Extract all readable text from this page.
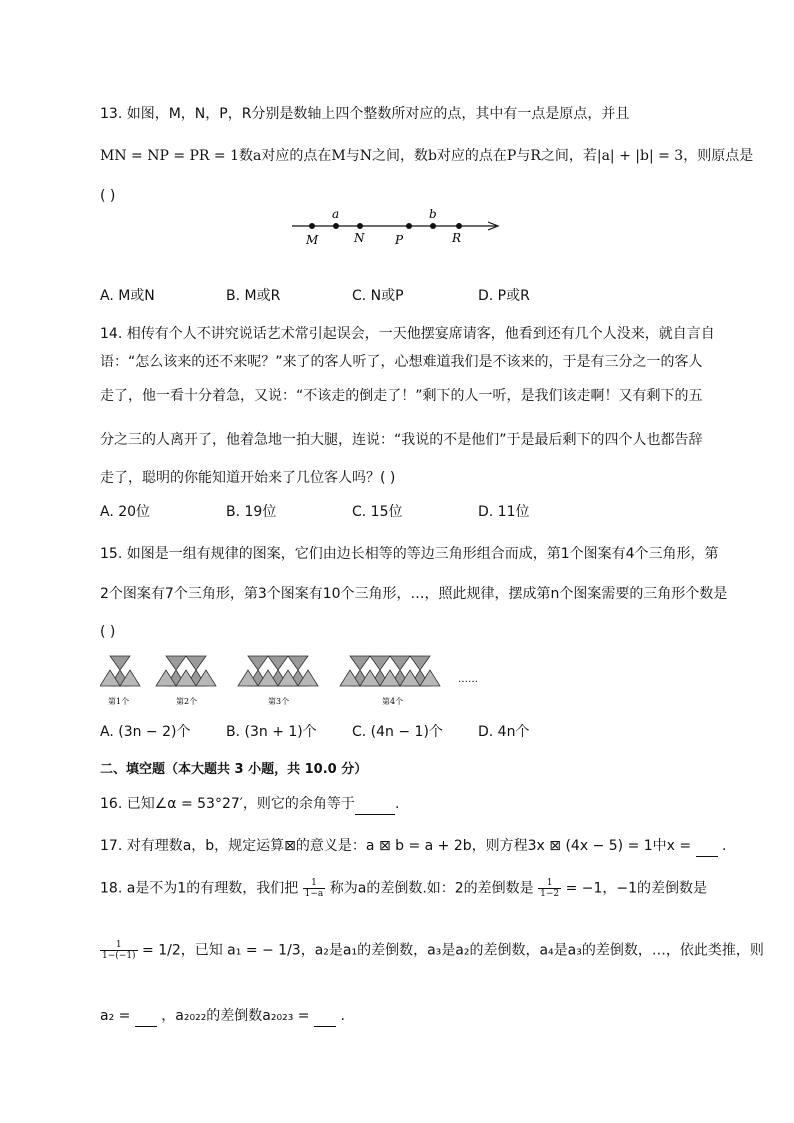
13. 如图，M，N，P，R分别是数轴上四个整数所对应的点，其中有一点是原点，并且
MN = NP = PR = 1数a对应的点在M与N之间，数b对应的点在P与R之间，若|a| + |b| = 3，则原点是
( )
M
a
N	P
b
R
A. M或N	B. M或R	C. N或P	D. P或R
14. 相传有个人不讲究说话艺术常引起误会，一天他摆宴席请客，他看到还有几个人没来，就自言自
语：“怎么该来的还不来呢？”来了的客人听了，心想难道我们是不该来的，于是有三分之一的客人
走了，他一看十分着急，又说：“不该走的倒走了！”剩下的人一听，是我们该走啊！又有剩下的五
分之三的人离开了，他着急地一拍大腿，连说：“我说的不是他们”于是最后剩下的四个人也都告辞
走了，聪明的你能知道开始来了几位客人吗？( )
A. 20位	B. 19位	C. 15位	D. 11位
15. 如图是一组有规律的图案，它们由边长相等的等边三角形组合而成，第1个图案有4个三角形，第
2个图案有7个三角形，第3个图案有10个三角形，…，照此规律，摆成第n个图案需要的三角形个数是
( )
第1个	第2个	第3个	第4个
……
A. (3n − 2)个	B. (3n + 1)个	C. (4n − 1)个	D. 4n个
二、填空题（本大题共 3 小题，共 10.0 分）
16. 已知∠α = 53°27′，则它的余角等于	.
17. 对有理数a，b，规定运算⊠的意义是：a ⊠ b = a + 2b，则方程3x ⊠ (4x − 5) = 1中x = .
18. a是不为1的有理数，我们把 $\frac{1}{1-a}$ 称为a的差倒数.如：2的差倒数是 $\frac{1}{1-2} = -1$，−1的差倒数是
$\frac{1}{1-(-1)} = 1/2$，已知 a₁ = − 1/3，a₂是a₁的差倒数，a₃是a₂的差倒数，a₄是a₃的差倒数，…，依此类推，则
a₂ = ，a₂₀₂₂的差倒数a₂₀₂₃ = .
